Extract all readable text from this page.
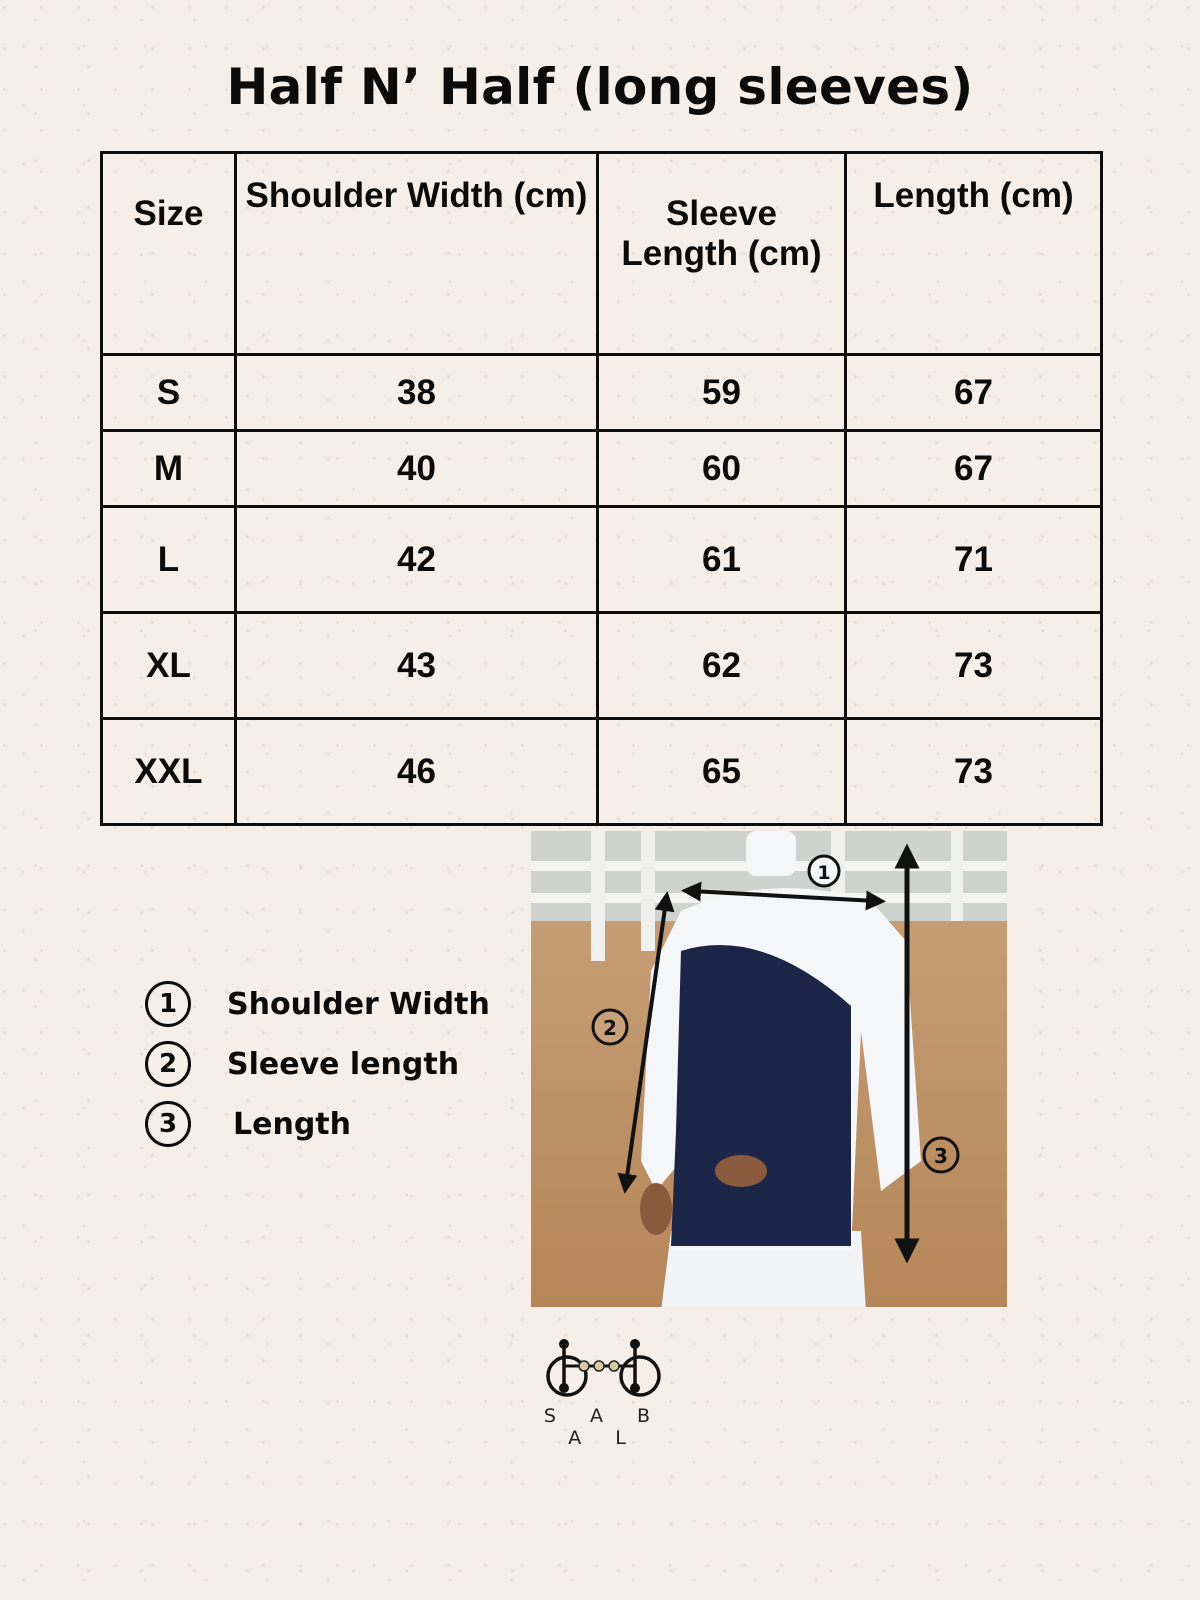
Half N’ Half (long sleeves)
Size	Shoulder Width (cm)	Sleeve Length (cm)	Length (cm)
S	38	59	67
M	40	60	67
L	42	61	71
XL	43	62	73
XXL	46	65	73
1	Shoulder Width
2	Sleeve length
3	Length
1
2
3
S A B A L
